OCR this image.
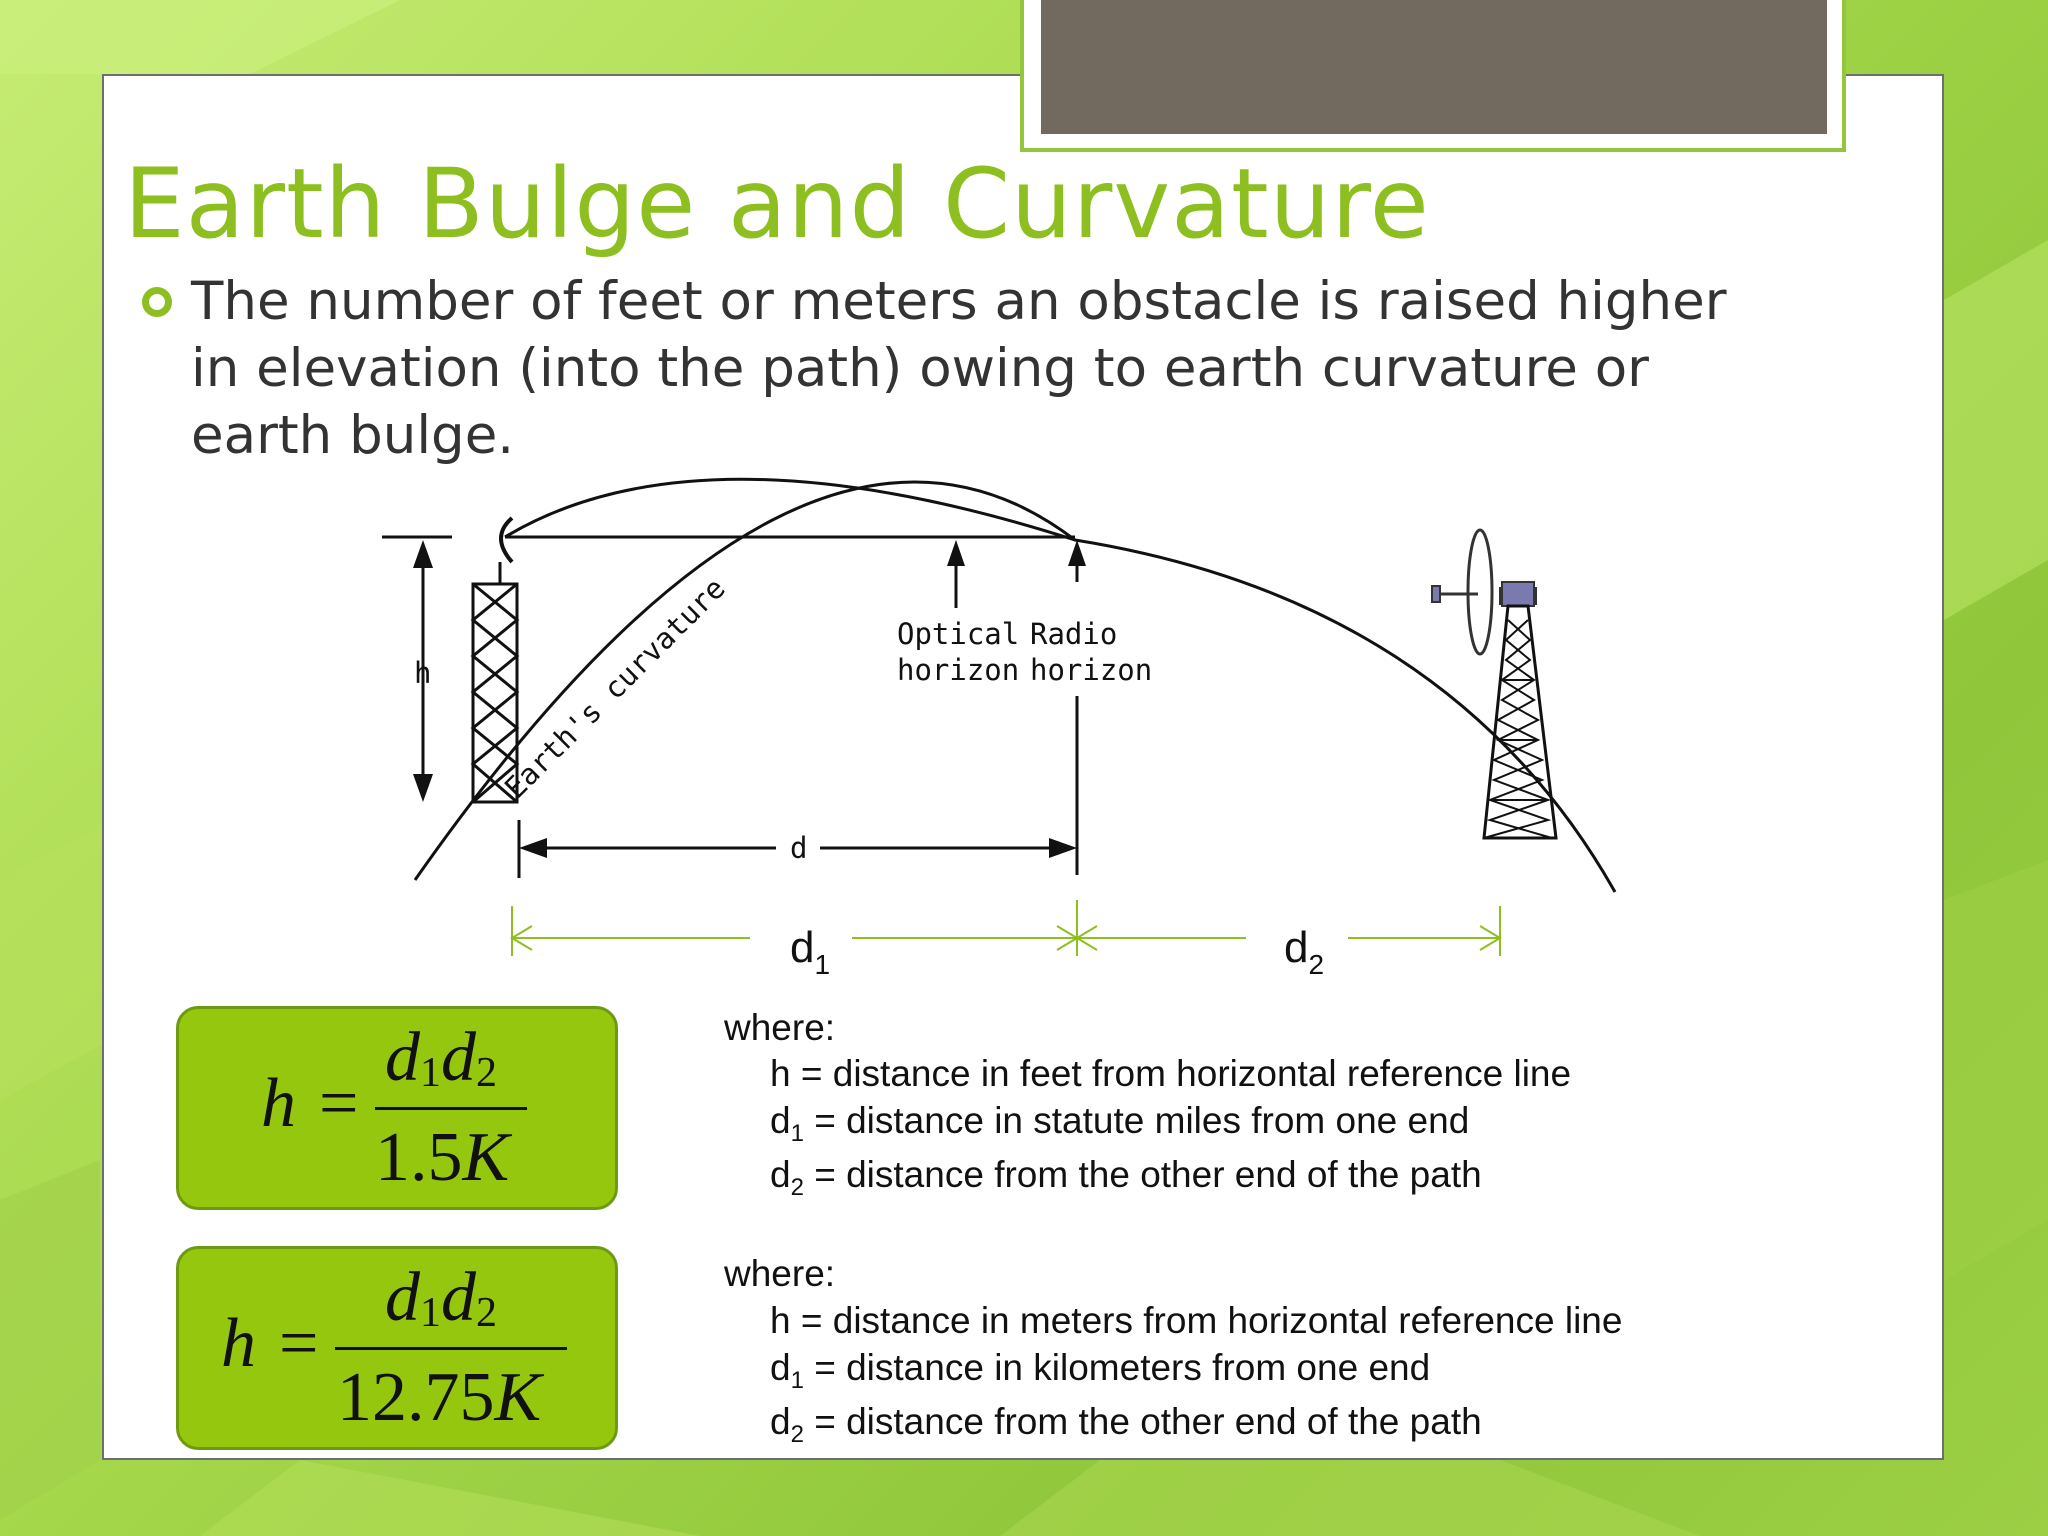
Earth Bulge and Curvature

The number of feet or meters an obstacle is raised higher in elevation (into the path) owing to earth curvature or earth bulge.

h
Optical
horizon
Radio
horizon
Earth's curvature
d
$d_1$	$d_2$
h =
$d_1d_2$
1.5K
h =
$d_1d_2$
12.75K

where:

h = distance in feet from horizontal reference line

$d_1$ = distance in statute miles from one end

$d_2$ = distance from the other end of the path

where:

h = distance in meters from horizontal reference line

$d_1$ = distance in kilometers from one end

$d_2$ = distance from the other end of the path
